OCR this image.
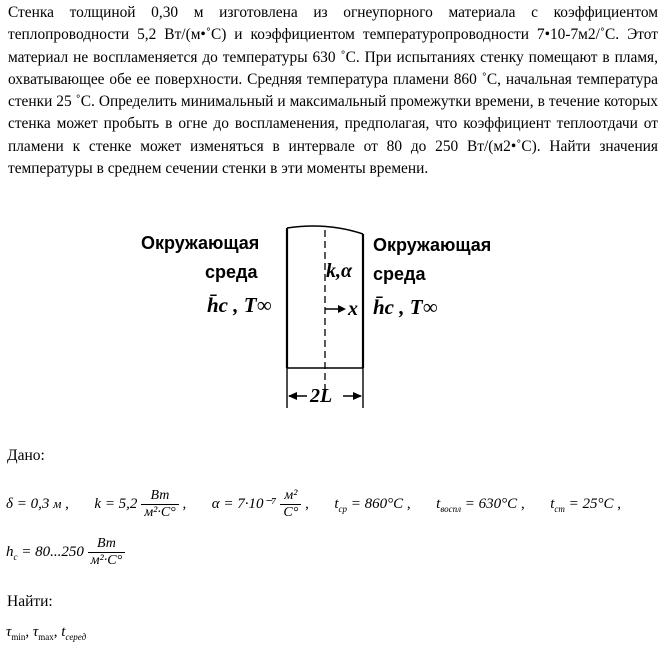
Стенка толщиной 0,30 м изготовлена из огнеупорного материала с коэффициентом теплопроводности 5,2 Вт/(м•˚С) и коэффициентом температуропроводности 7•10-7м2/˚С. Этот материал не воспламеняется до температуры 630 ˚С. При испытаниях стенку помещают в пламя, охватывающее обе ее поверхности. Средняя температура пламени 860 ˚С, начальная температура стенки 25 ˚С. Определить минимальный и максимальный промежутки времени, в течение которых стенка может пробыть в огне до воспламенения, предполагая, что коэффициент теплоотдачи от пламени к стенке может изменяться в интервале от 80 до 250 Вт/(м2•˚С). Найти значения температуры в среднем сечении стенки в эти моменты времени.

Окружающая
среда
h̄c , T∞
Окружающая
среда
h̄c , T∞
k,α
x
2L
Дано:
δ = 0,3 м , $k = 5,2 \frac{Вт}{\text{м²·С°}}$ , $\alpha = 7\cdot 10^{-7} \frac{\text{м²}}{С^\circ}$ , $t_{ср} = 860^\circ С$ , $t_{воспл} = 630^\circ С$ , $t_{ст} = 25^\circ С$ ,
$h_с = 80...250 \frac{Вт}{\text{м²·С°}}$
Найти:
$\tau_{min}$, $\tau_{max}$, $t_{серед}$
